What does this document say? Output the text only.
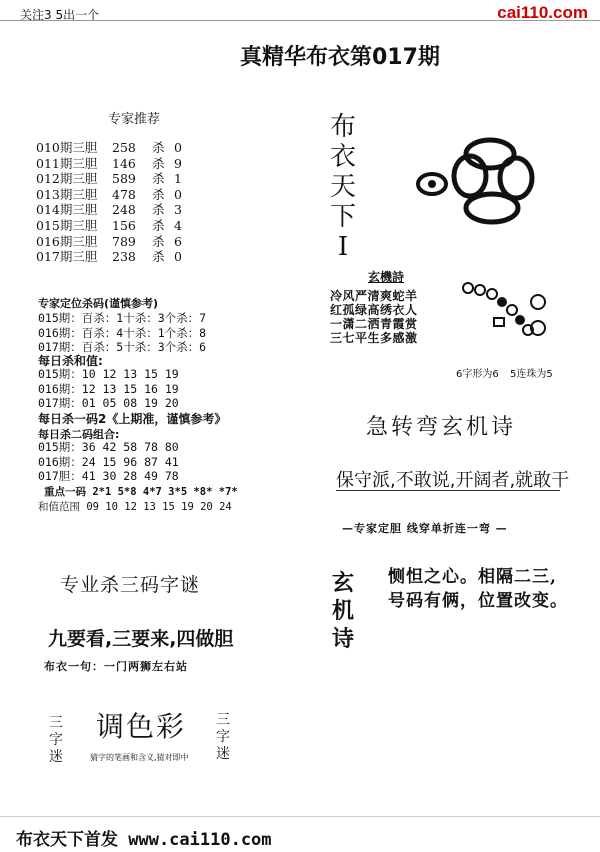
关注3 5出一个	cai110.com
真精华布衣第017期
专家推荐
010期三胆 258 杀 0
011期三胆 146 杀 9
012期三胆 589 杀 1
013期三胆 478 杀 0
014期三胆 248 杀 3
015期三胆 156 杀 4
016期三胆 789 杀 6
017期三胆 238 杀 0
专家定位杀码(谨慎参考)
015期：百杀：1十杀：3个杀：7
016期：百杀：4十杀：1个杀：8
017期：百杀：5十杀：3个杀：6
每日杀和值:
015期：10 12 13 15 19
016期：12 13 15 16 19
017期：01 05 08 19 20
每日杀一码2《上期准，谨慎参考》
每日杀二码组合:
015期：36 42 58 78 80
016期：24 15 96 87 41
017胆：41 30 28 49 78
重点一码 2*1 5*8 4*7 3*5 *8* *7*
和值范围 09 10 12 13 15 19 20 24
布
衣
天
下
I
玄機詩
冷风严清爽蛇羊
红孤绿高绣衣人
一潇二洒青霞赏
三七平生多感激
6字形为6 5连珠为5
急转弯玄机诗
保守派,不敢说,开阔者,就敢干
—专家定胆 线穿单折连一弯 —
玄
机
诗
恻怛之心。相隔二三,
号码有俩，位置改变。
专业杀三码字谜
九要看,三要来,四做胆
布衣一句：一门两狮左右站
三
字
迷
调色彩
猜字的笔画和含义,猜对即中
三
字
迷
布衣天下首发 www.cai110.com
